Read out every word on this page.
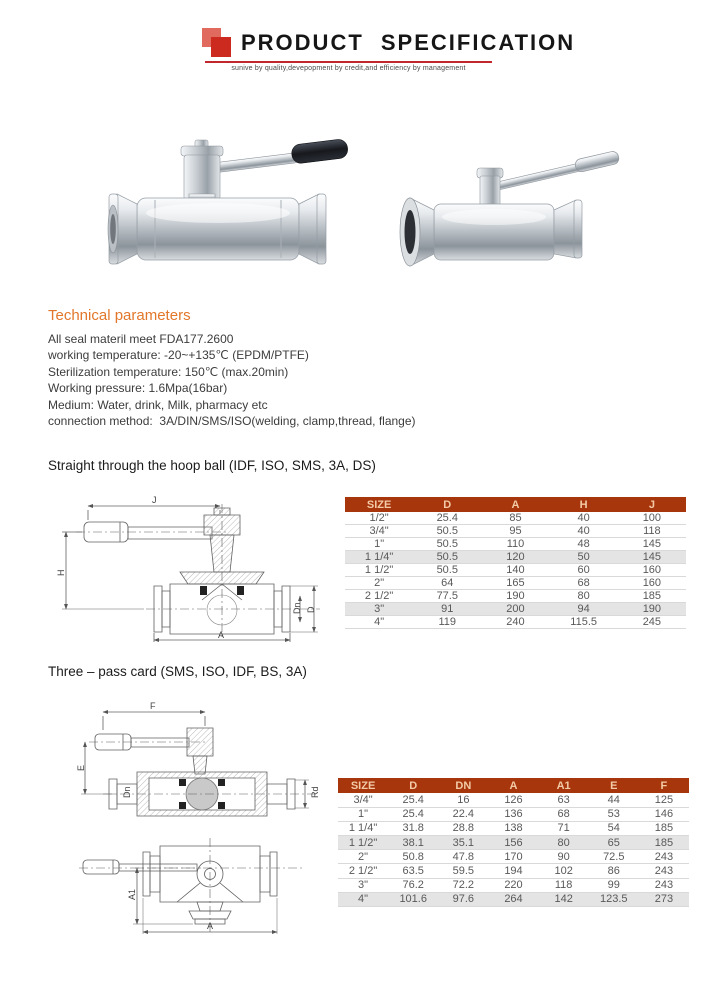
PRODUCT SPECIFICATION
sunive by quality,devepopment by credit,and efficiency by management
Technical parameters
All seal materil meet FDA177.2600
working temperature: -20~+135℃ (EPDM/PTFE)
Sterilization temperature: 150℃ (max.20min)
Working pressure: 1.6Mpa(16bar)
Medium: Water, drink, Milk, pharmacy etc
connection method:  3A/DIN/SMS/ISO(welding, clamp,thread, flange)
Straight through the hoop ball (IDF, ISO, SMS, 3A, DS)
J
H
A
Dn D
SIZE	D	A	H	J
1/2"	25.4	85	40	100
3/4"	50.5	95	40	118
1"	50.5	110	48	145
1 1/4"	50.5	120	50	145
1 1/2"	50.5	140	60	160
2"	64	165	68	160
2 1/2"	77.5	190	80	185
3"	91	200	94	190
4"	119	240	115.5	245
Three – pass card (SMS, ISO, IDF, BS, 3A)
F
E
Dn	Rd
A1
A
SIZE	D	DN	A	A1	E	F
3/4"	25.4	16	126	63	44	125
1"	25.4	22.4	136	68	53	146
1 1/4"	31.8	28.8	138	71	54	185
1 1/2"	38.1	35.1	156	80	65	185
2"	50.8	47.8	170	90	72.5	243
2 1/2"	63.5	59.5	194	102	86	243
3"	76.2	72.2	220	118	99	243
4"	101.6	97.6	264	142	123.5	273
